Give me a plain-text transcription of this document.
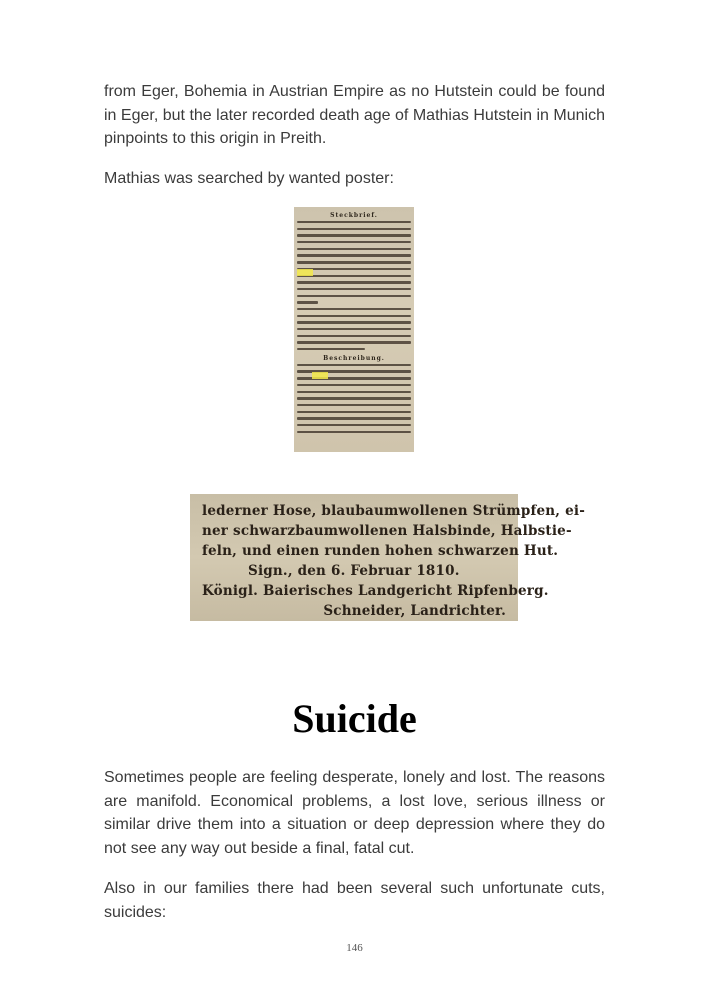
from Eger, Bohemia in Austrian Empire as no Hutstein could be found in Eger, but the later recorded death age of Mathias Hutstein in Munich pinpoints to this origin in Preith.

Mathias was searched by wanted poster:

Steckbrief.
Beschreibung.
lederner Hose, blaubaumwollenen Strümpfen, ei-
ner schwarzbaumwollenen Halsbinde, Halbstie-
feln, und einen runden hohen schwarzen Hut.
Sign., den 6. Februar 1810.
Königl. Baierisches Landgericht Ripfenberg.
Schneider, Landrichter.
Suicide

Sometimes people are feeling desperate, lonely and lost. The reasons are manifold. Economical problems, a lost love, serious illness or similar drive them into a situation or deep depression where they do not see any way out beside a final, fatal cut.

Also in our families there had been several such unfortunate cuts, suicides:

146
